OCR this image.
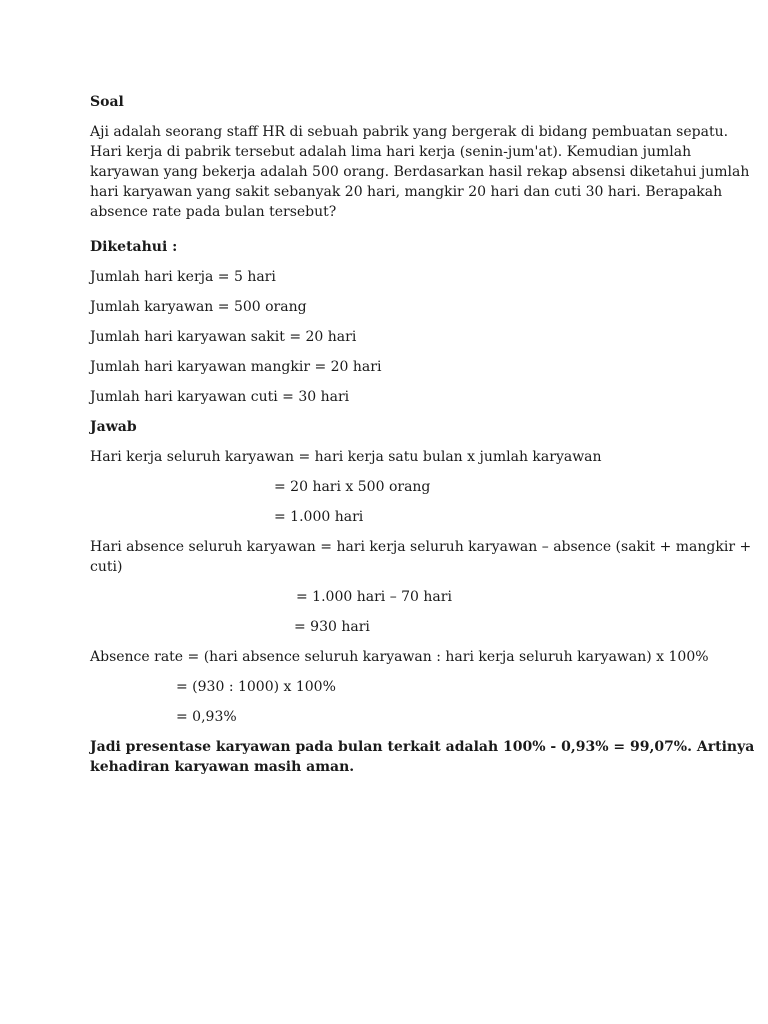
Soal
Aji adalah seorang staff HR di sebuah pabrik yang bergerak di bidang pembuatan sepatu.
Hari kerja di pabrik tersebut adalah lima hari kerja (senin-jum'at). Kemudian jumlah
karyawan yang bekerja adalah 500 orang. Berdasarkan hasil rekap absensi diketahui jumlah
hari karyawan yang sakit sebanyak 20 hari, mangkir 20 hari dan cuti 30 hari. Berapakah
absence rate pada bulan tersebut?
Diketahui :
Jumlah hari kerja = 5 hari
Jumlah karyawan = 500 orang
Jumlah hari karyawan sakit = 20 hari
Jumlah hari karyawan mangkir = 20 hari
Jumlah hari karyawan cuti = 30 hari
Jawab
Hari kerja seluruh karyawan = hari kerja satu bulan x jumlah karyawan
= 20 hari x 500 orang
= 1.000 hari
Hari absence seluruh karyawan = hari kerja seluruh karyawan – absence (sakit + mangkir +
cuti)
= 1.000 hari – 70 hari
= 930 hari
Absence rate = (hari absence seluruh karyawan : hari kerja seluruh karyawan) x 100%
= (930 : 1000) x 100%
= 0,93%
Jadi presentase karyawan pada bulan terkait adalah 100% - 0,93% = 99,07%. Artinya
kehadiran karyawan masih aman.
